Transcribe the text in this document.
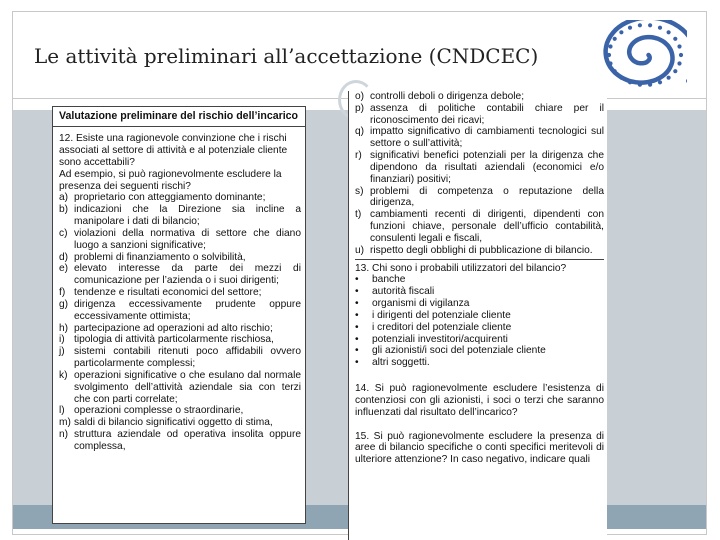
Le attività preliminari all’accettazione (CNDCEC)
Valutazione preliminare del rischio dell’incarico
12. Esiste una ragionevole convinzione che i rischi associati al settore di attività e al potenziale cliente sono accettabili?
Ad esempio, si può ragionevolmente escludere la presenza dei seguenti rischi?
a) proprietario con atteggiamento dominante;
b) indicazioni che la Direzione sia incline a manipolare i dati di bilancio;
c) violazioni della normativa di settore che diano luogo a sanzioni significative;
d) problemi di finanziamento o solvibilità,
e) elevato interesse da parte dei mezzi di comunicazione per l’azienda o i suoi dirigenti;
f) tendenze e risultati economici del settore;
g) dirigenza eccessivamente prudente oppure eccessivamente ottimista;
h) partecipazione ad operazioni ad alto rischio;
i) tipologia di attività particolarmente rischiosa,
j) sistemi contabili ritenuti poco affidabili ovvero particolarmente complessi;
k) operazioni significative o che esulano dal normale svolgimento dell’attività aziendale sia con terzi che con parti correlate;
l) operazioni complesse o straordinarie,
m) saldi di bilancio significativi oggetto di stima,
n) struttura aziendale od operativa insolita oppure complessa,
o) controlli deboli o dirigenza debole;
p) assenza di politiche contabili chiare per il riconoscimento dei ricavi;
q) impatto significativo di cambiamenti tecnologici sul settore o sull’attività;
r) significativi benefici potenziali per la dirigenza che dipendono da risultati aziendali (economici e/o finanziari) positivi;
s) problemi di competenza o reputazione della dirigenza,
t) cambiamenti recenti di dirigenti, dipendenti con funzioni chiave, personale dell’ufficio contabilità, consulenti legali e fiscali,
u) rispetto degli obblighi di pubblicazione di bilancio.
13. Chi sono i probabili utilizzatori del bilancio?
•	banche
•	autorità fiscali
•	organismi di vigilanza
•	i dirigenti del potenziale cliente
•	i creditori del potenziale cliente
•	potenziali investitori/acquirenti
•	gli azionisti/i soci del potenziale cliente
•	altri soggetti.
14. Si può ragionevolmente escludere l’esistenza di contenziosi con gli azionisti, i soci o terzi che saranno influenzati dal risultato dell’incarico?
15. Si può ragionevolmente escludere la presenza di aree di bilancio specifiche o conti specifici meritevoli di ulteriore attenzione? In caso negativo, indicare quali
